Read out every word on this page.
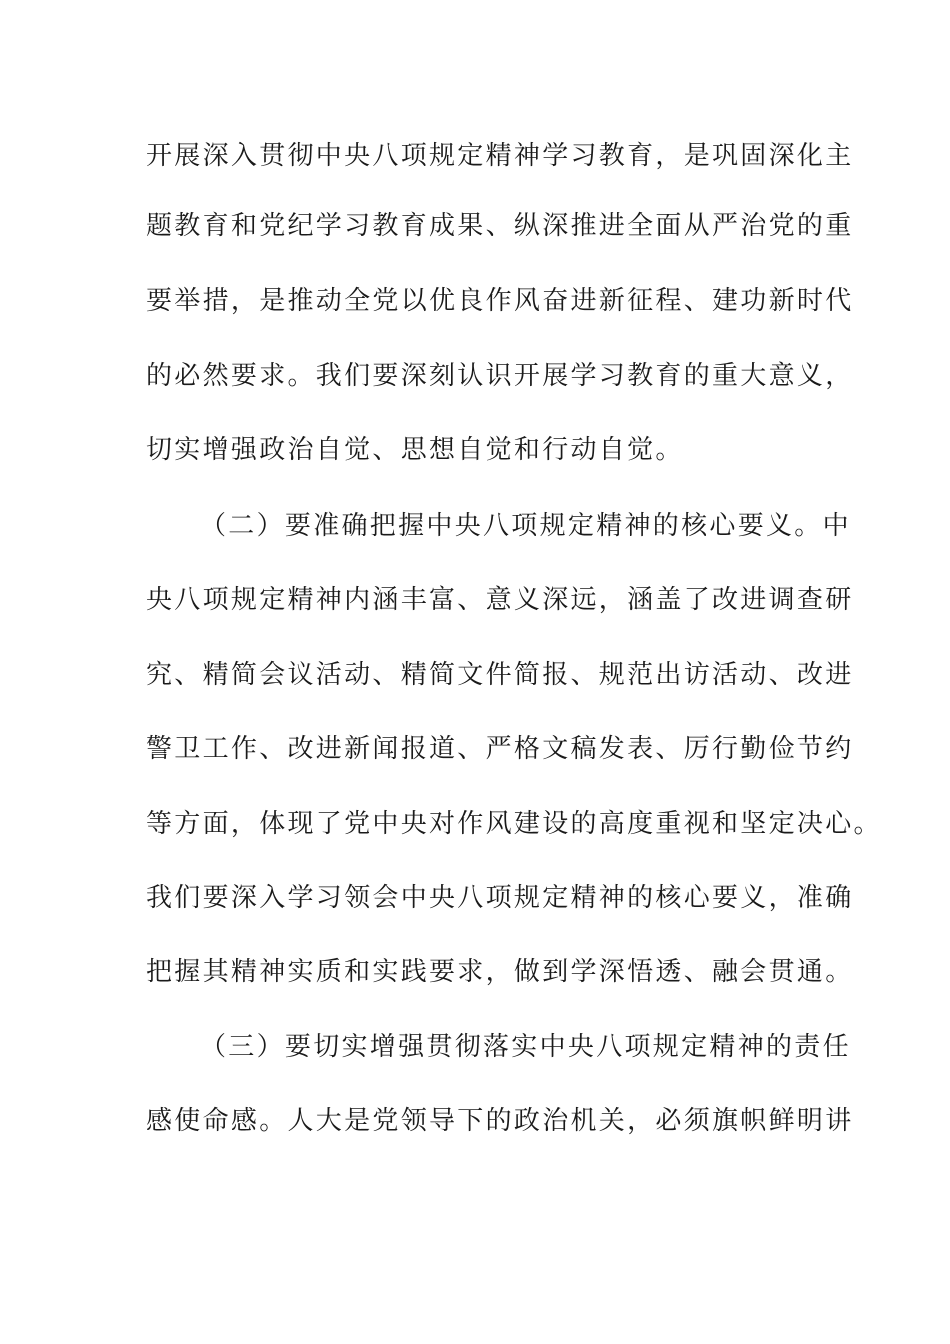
开展深入贯彻中央八项规定精神学习教育，是巩固深化主
题教育和党纪学习教育成果、纵深推进全面从严治党的重
要举措，是推动全党以优良作风奋进新征程、建功新时代
的必然要求。我们要深刻认识开展学习教育的重大意义，
切实增强政治自觉、思想自觉和行动自觉。
（二）要准确把握中央八项规定精神的核心要义。中
央八项规定精神内涵丰富、意义深远，涵盖了改进调查研
究、精简会议活动、精简文件简报、规范出访活动、改进
警卫工作、改进新闻报道、严格文稿发表、厉行勤俭节约
等方面，体现了党中央对作风建设的高度重视和坚定决心。
我们要深入学习领会中央八项规定精神的核心要义，准确
把握其精神实质和实践要求，做到学深悟透、融会贯通。
（三）要切实增强贯彻落实中央八项规定精神的责任
感使命感。人大是党领导下的政治机关，必须旗帜鲜明讲
